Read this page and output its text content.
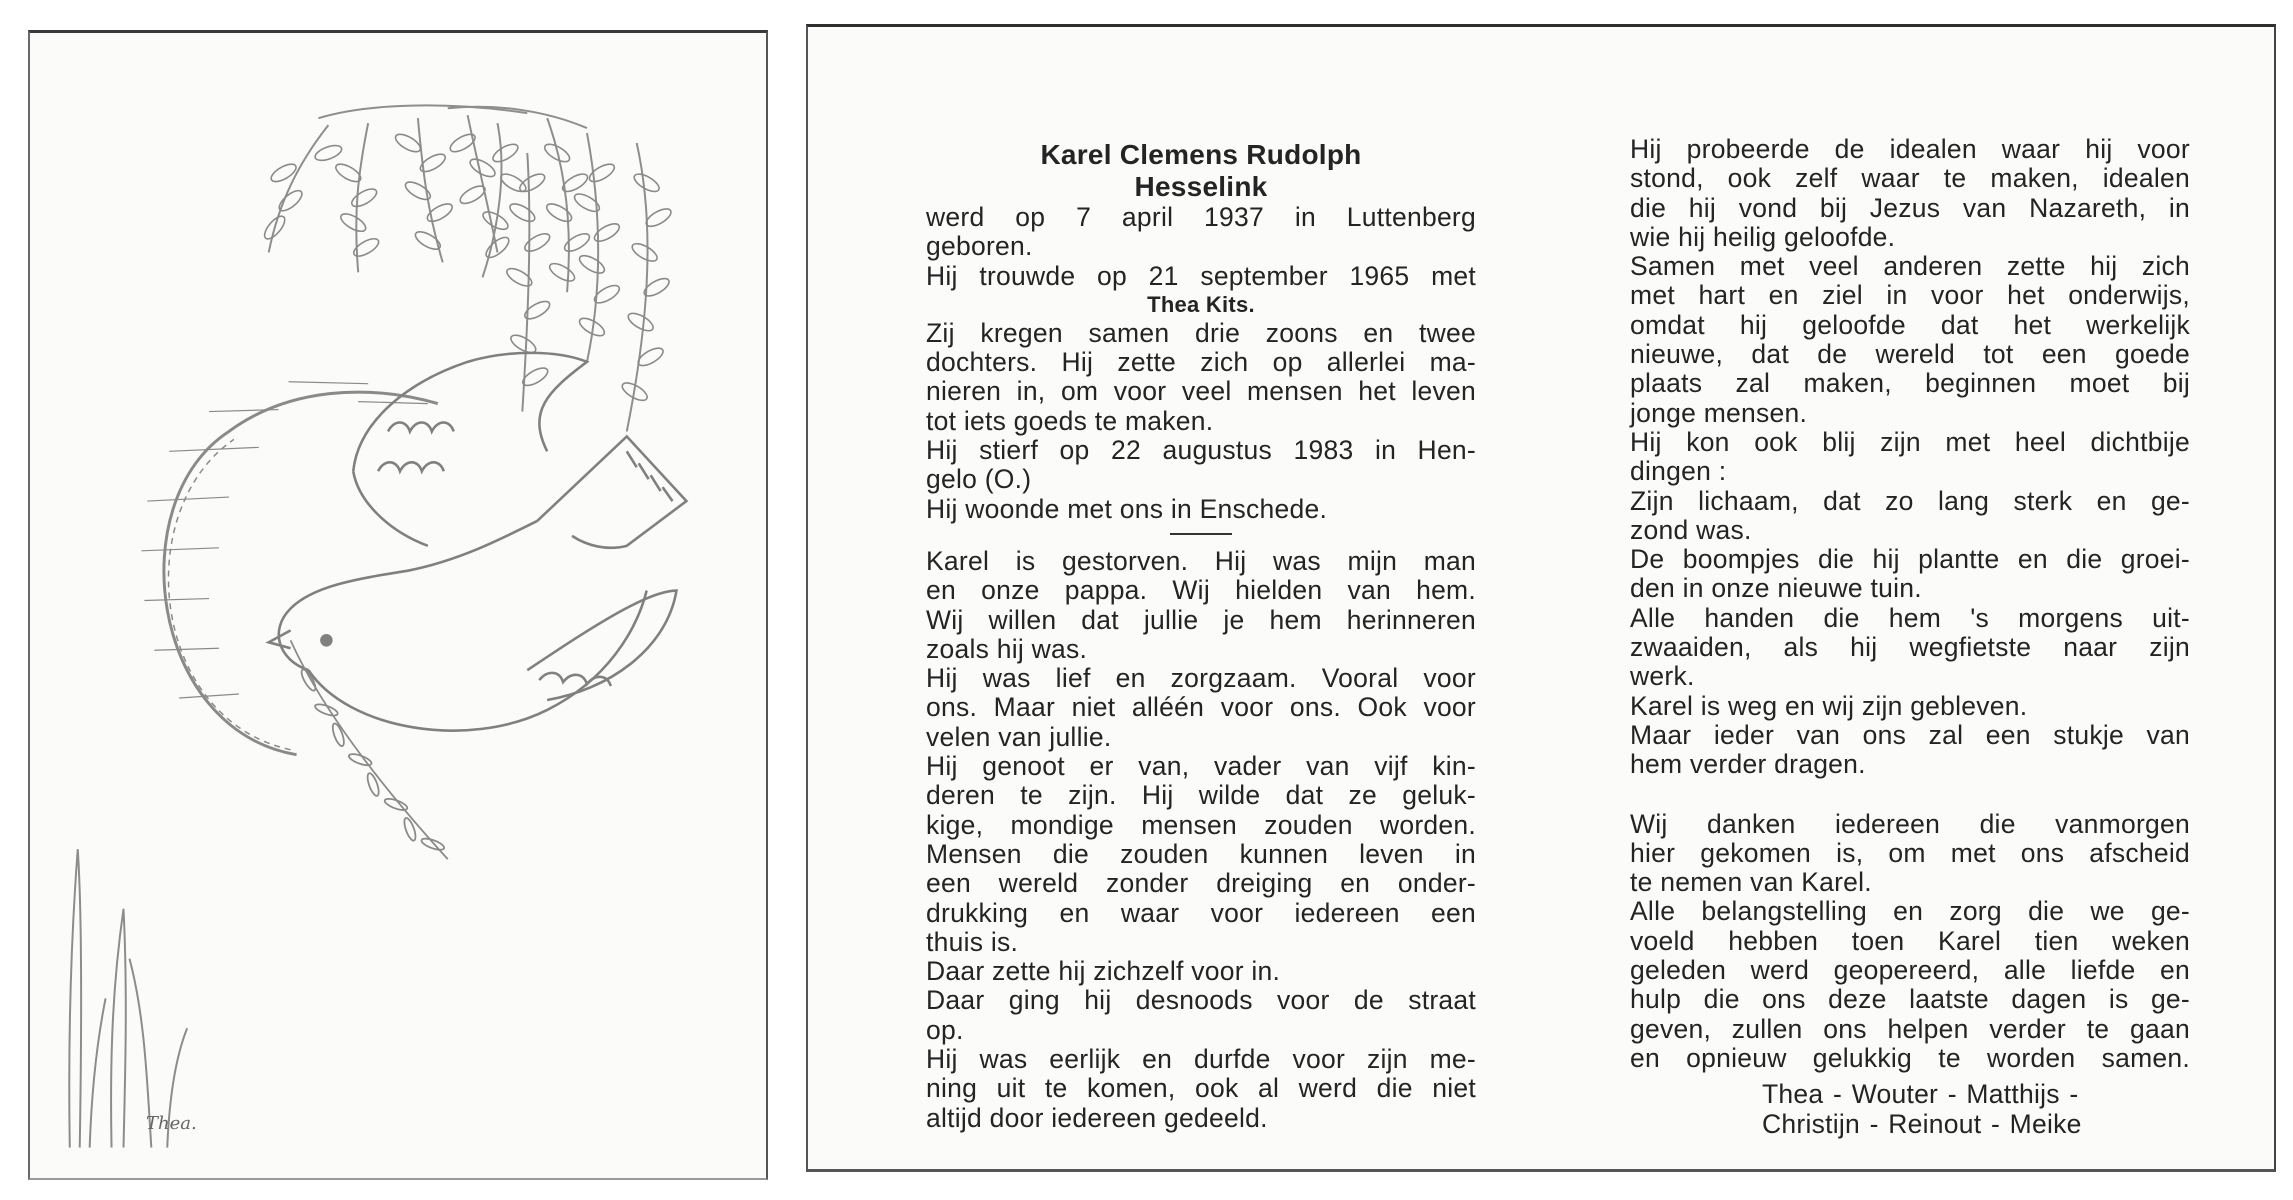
Thea.
Karel Clemens Rudolph
Hesselink
werd op 7 april 1937 in Luttenberg
geboren.
Hij trouwde op 21 september 1965 met
Thea Kits.
Zij kregen samen drie zoons en twee
dochters. Hij zette zich op allerlei ma-
nieren in, om voor veel mensen het leven
tot iets goeds te maken.
Hij stierf op 22 augustus 1983 in Hen-
gelo (O.)
Hij woonde met ons in Enschede.
Karel is gestorven. Hij was mijn man
en onze pappa. Wij hielden van hem.
Wij willen dat jullie je hem herinneren
zoals hij was.
Hij was lief en zorgzaam. Vooral voor
ons. Maar niet alléén voor ons. Ook voor
velen van jullie.
Hij genoot er van, vader van vijf kin-
deren te zijn. Hij wilde dat ze geluk-
kige, mondige mensen zouden worden.
Mensen die zouden kunnen leven in
een wereld zonder dreiging en onder-
drukking en waar voor iedereen een
thuis is.
Daar zette hij zichzelf voor in.
Daar ging hij desnoods voor de straat
op.
Hij was eerlijk en durfde voor zijn me-
ning uit te komen, ook al werd die niet
altijd door iedereen gedeeld.
Hij probeerde de idealen waar hij voor
stond, ook zelf waar te maken, idealen
die hij vond bij Jezus van Nazareth, in
wie hij heilig geloofde.
Samen met veel anderen zette hij zich
met hart en ziel in voor het onderwijs,
omdat hij geloofde dat het werkelijk
nieuwe, dat de wereld tot een goede
plaats zal maken, beginnen moet bij
jonge mensen.
Hij kon ook blij zijn met heel dichtbije
dingen :
Zijn lichaam, dat zo lang sterk en ge-
zond was.
De boompjes die hij plantte en die groei-
den in onze nieuwe tuin.
Alle handen die hem 's morgens uit-
zwaaiden, als hij wegfietste naar zijn
werk.
Karel is weg en wij zijn gebleven.
Maar ieder van ons zal een stukje van
hem verder dragen.
Wij danken iedereen die vanmorgen
hier gekomen is, om met ons afscheid
te nemen van Karel.
Alle belangstelling en zorg die we ge-
voeld hebben toen Karel tien weken
geleden werd geopereerd, alle liefde en
hulp die ons deze laatste dagen is ge-
geven, zullen ons helpen verder te gaan
en opnieuw gelukkig te worden samen.
Thea - Wouter - Matthijs -
Christijn - Reinout - Meike
